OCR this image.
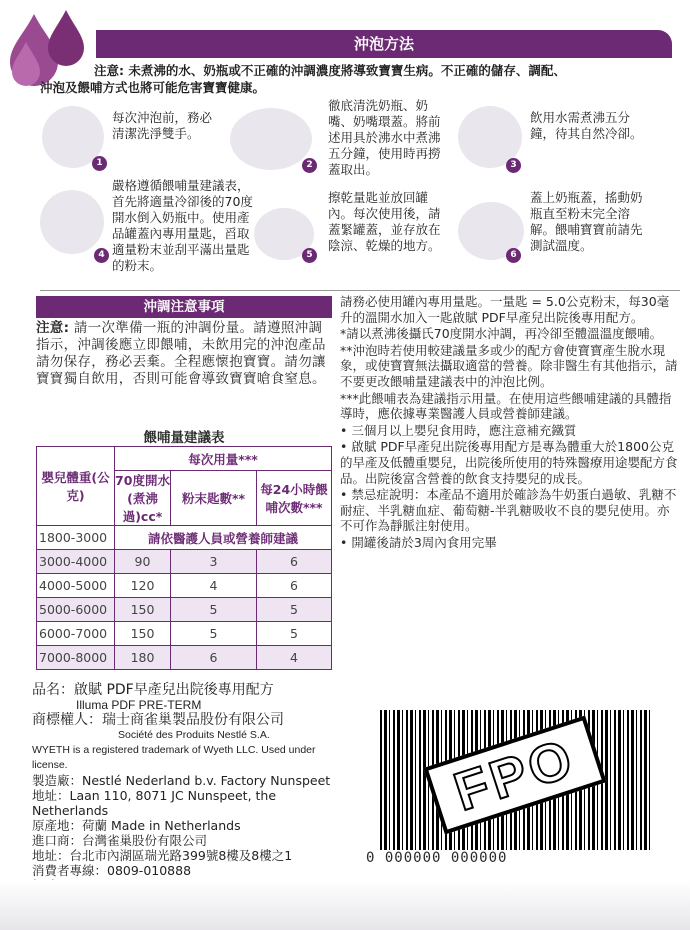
沖泡方法
注意: 未煮沸的水、奶瓶或不正確的沖調濃度將導致寶寶生病。不正確的儲存、調配、
沖泡及餵哺方式也將可能危害寶寶健康。
1
每次沖泡前，務必清潔洗淨雙手。
2
徹底清洗奶瓶、奶嘴、奶嘴環蓋。將前述用具於沸水中煮沸五分鐘，使用時再撈蓋取出。	3
飲用水需煮沸五分鐘，待其自然冷卻。
4
嚴格遵循餵哺量建議表，首先將適量冷卻後的70度開水倒入奶瓶中。使用產品罐蓋內專用量匙，舀取適量粉末並刮平滿出量匙的粉末。
5
擦乾量匙並放回罐內。每次使用後，請蓋緊罐蓋，並存放在陰涼、乾燥的地方。
6
蓋上奶瓶蓋，搖動奶瓶直至粉末完全溶解。餵哺寶寶前請先測試溫度。
沖調注意事項
注意: 請一次準備一瓶的沖調份量。請遵照沖調指示，沖調後應立即餵哺，未飲用完的沖泡產品請勿保存，務必丟棄。全程應懷抱寶寶。請勿讓寶寶獨自飲用，否則可能會導致寶寶嗆食窒息。
餵哺量建議表
嬰兒體重(公克)	每次用量***		
	70度開水(煮沸過)cc*	粉末匙數**	每24小時餵哺次數***
1800-3000	請依醫護人員或營養師建議		
3000-4000	90	3	6
4000-5000	120	4	6
5000-6000	150	5	5
6000-7000	150	5	5
7000-8000	180	6	4

請務必使用罐內專用量匙。一量匙 = 5.0公克粉末，每30毫升的溫開水加入一匙啟賦 PDF早產兒出院後專用配方。

*請以煮沸後攝氏70度開水沖調，再冷卻至體溫溫度餵哺。

**沖泡時若使用較建議量多或少的配方會使寶寶產生脫水現象，或使寶寶無法攝取適當的營養。除非醫生有其他指示，請不要更改餵哺量建議表中的沖泡比例。

***此餵哺表為建議指示用量。在使用這些餵哺建議的具體指導時，應依據專業醫護人員或營養師建議。

• 三個月以上嬰兒食用時，應注意補充鐵質

• 啟賦 PDF早產兒出院後專用配方是專為體重大於1800公克的早產及低體重嬰兒，出院後所使用的特殊醫療用途嬰配方食品。出院後富含營養的飲食支持嬰兒的成長。

• 禁忌症說明：本產品不適用於確診為牛奶蛋白過敏、乳糖不耐症、半乳糖血症、葡萄糖-半乳糖吸收不良的嬰兒使用。亦不可作為靜脈注射使用。

• 開罐後請於3周內食用完畢

品名：啟賦 PDF早產兒出院後專用配方
Illuma PDF PRE-TERM
商標權人：瑞士商雀巢製品股份有限公司
Société des Produits Nestlé S.A.
WYETH is a registered trademark of Wyeth LLC. Used under license.
製造廠：Nestlé Nederland b.v. Factory Nunspeet
地址：Laan 110, 8071 JC Nunspeet, the Netherlands
原產地：荷蘭 Made in Netherlands
進口商：台灣雀巢股份有限公司
地址：台北市內湖區瑞光路399號8樓及8樓之1
消費者專線：0809-010888
FPO
0 000000 000000
